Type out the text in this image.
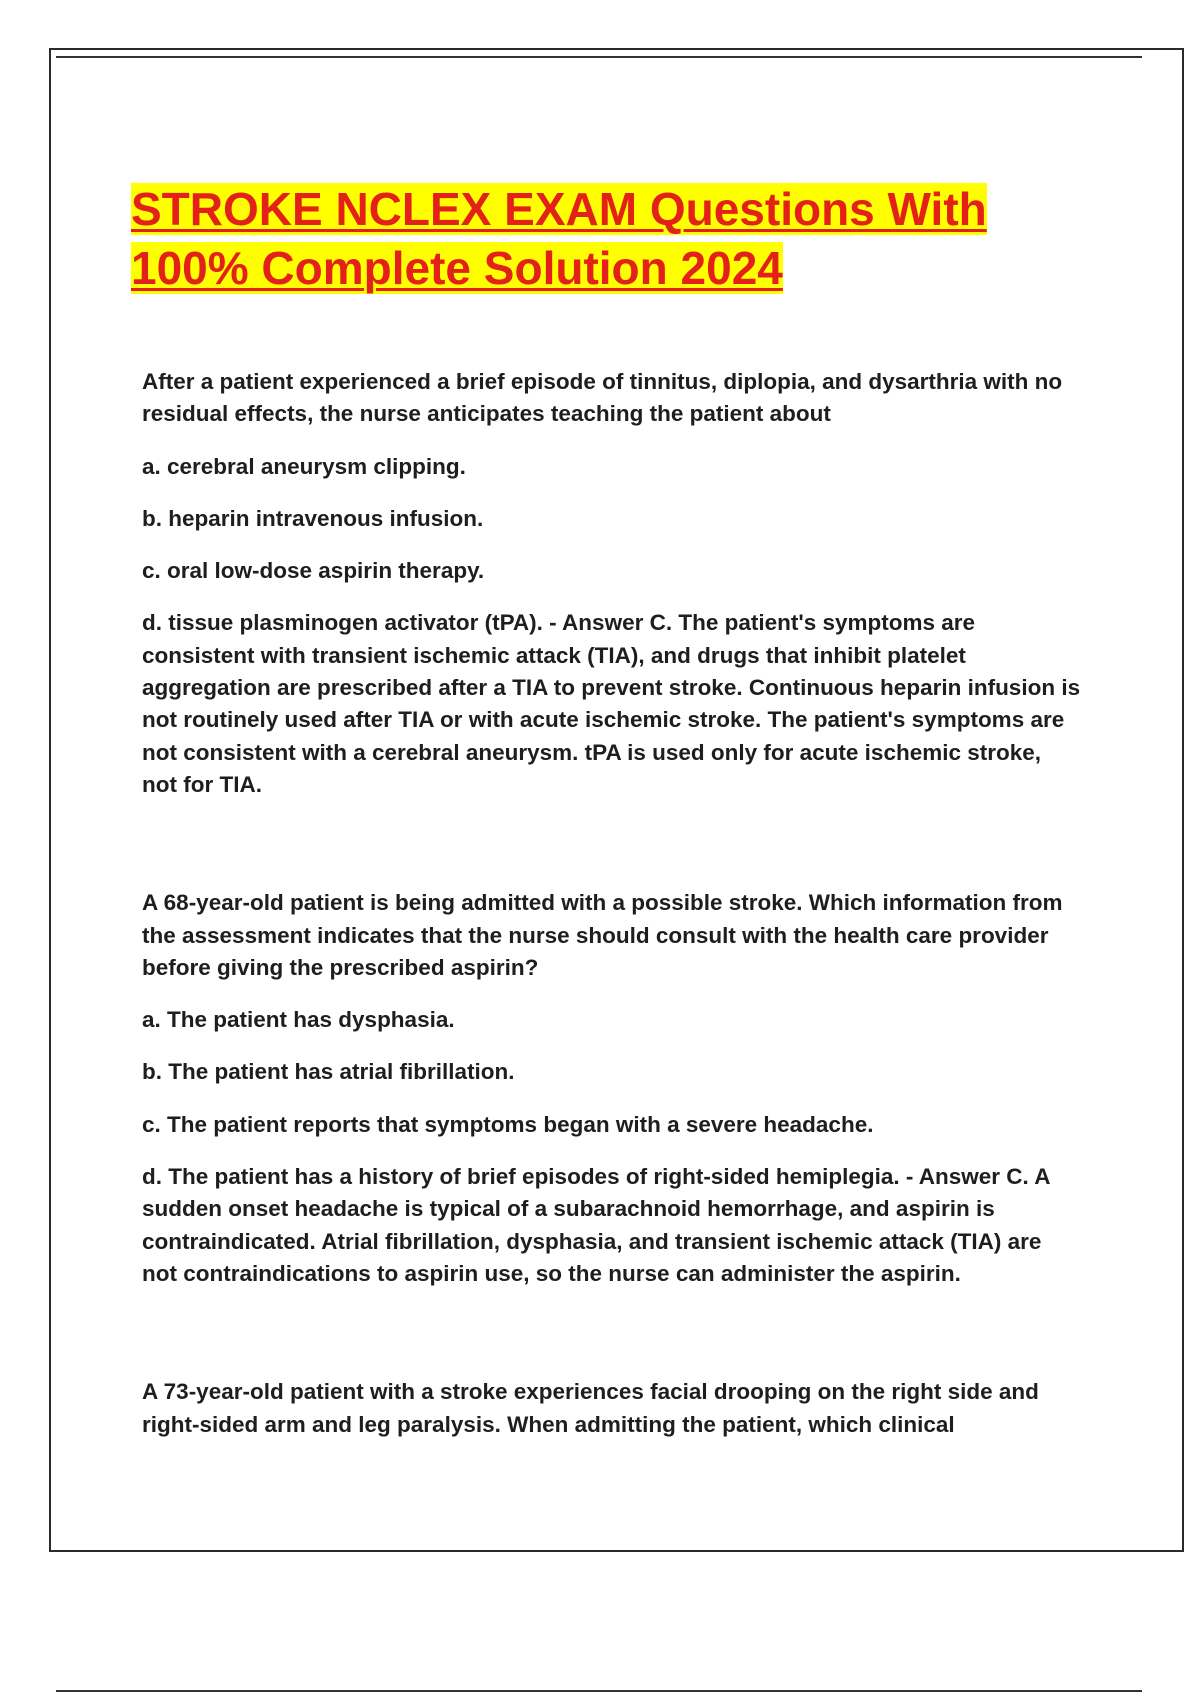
STROKE NCLEX EXAM Questions With 100% Complete Solution 2024

After a patient experienced a brief episode of tinnitus, diplopia, and dysarthria with no residual effects, the nurse anticipates teaching the patient about

a. cerebral aneurysm clipping.

b. heparin intravenous infusion.

c. oral low-dose aspirin therapy.

d. tissue plasminogen activator (tPA). - Answer C. The patient's symptoms are consistent with transient ischemic attack (TIA), and drugs that inhibit platelet aggregation are prescribed after a TIA to prevent stroke. Continuous heparin infusion is not routinely used after TIA or with acute ischemic stroke. The patient's symptoms are not consistent with a cerebral aneurysm. tPA is used only for acute ischemic stroke, not for TIA.

A 68-year-old patient is being admitted with a possible stroke. Which information from the assessment indicates that the nurse should consult with the health care provider before giving the prescribed aspirin?

a. The patient has dysphasia.

b. The patient has atrial fibrillation.

c. The patient reports that symptoms began with a severe headache.

d. The patient has a history of brief episodes of right-sided hemiplegia. - Answer C. A sudden onset headache is typical of a subarachnoid hemorrhage, and aspirin is contraindicated. Atrial fibrillation, dysphasia, and transient ischemic attack (TIA) are not contraindications to aspirin use, so the nurse can administer the aspirin.

A 73-year-old patient with a stroke experiences facial drooping on the right side and right-sided arm and leg paralysis. When admitting the patient, which clinical
